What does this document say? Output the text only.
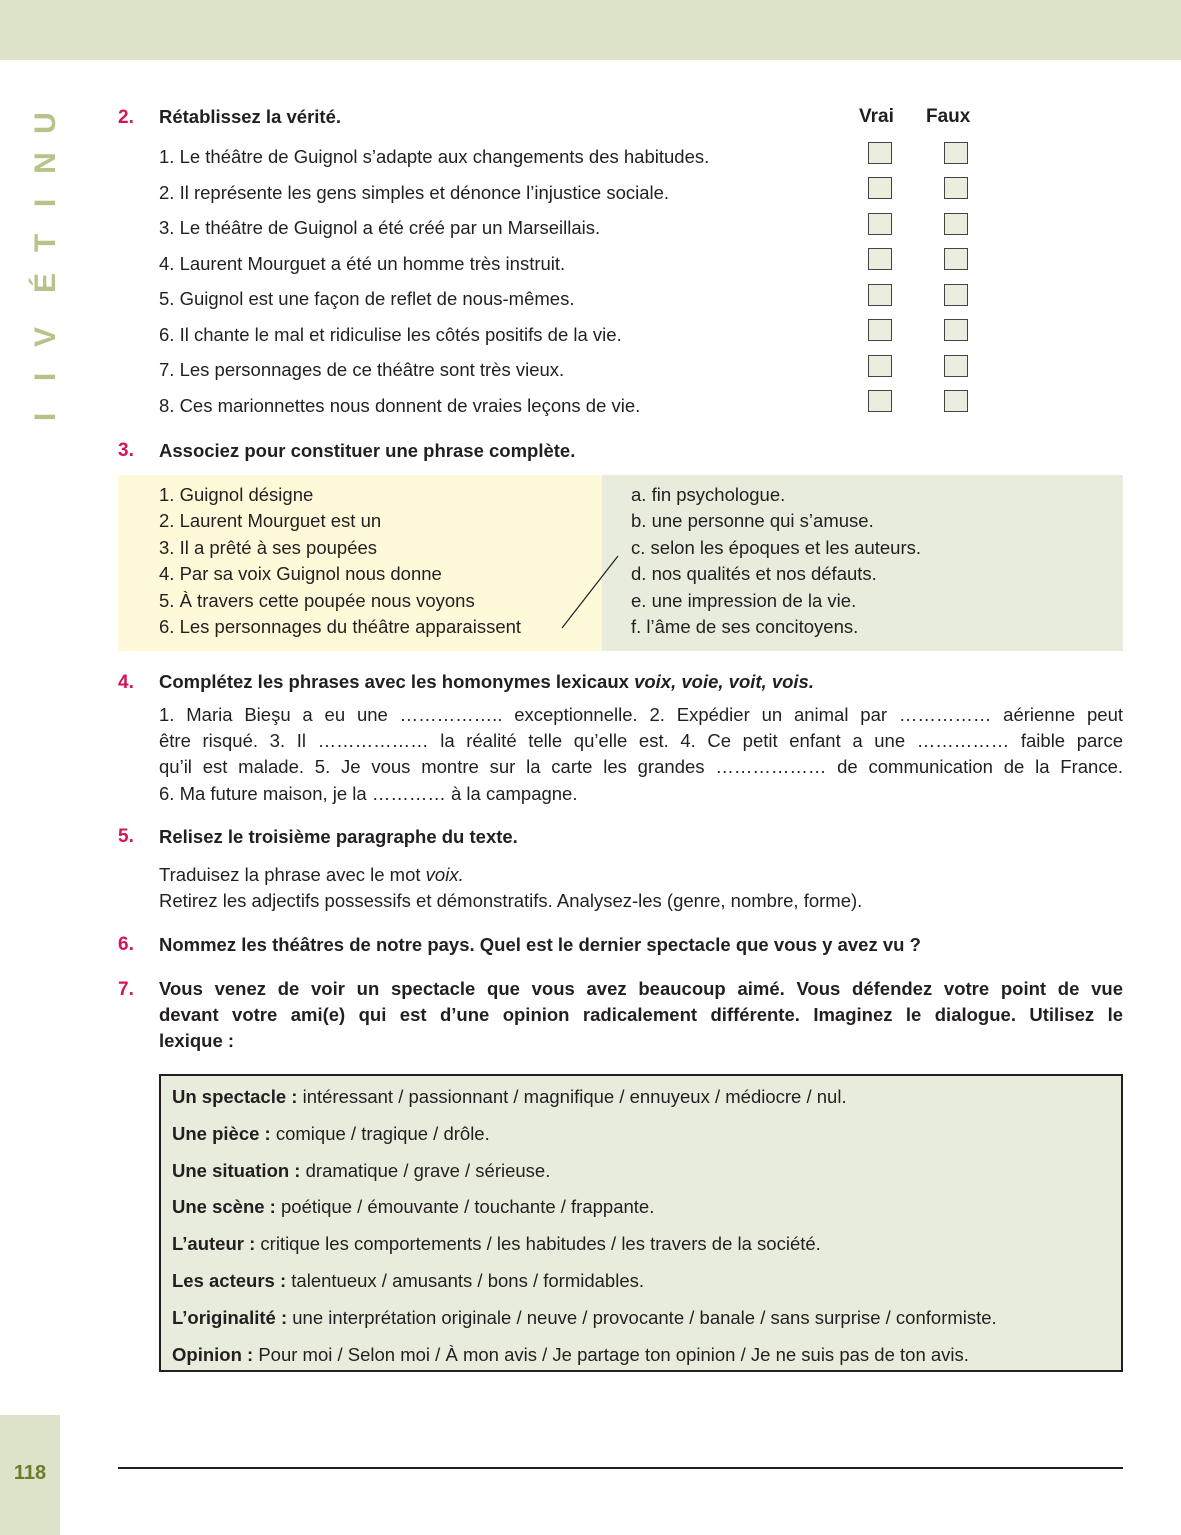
U
N
I
T
É
V
I
I
2. Rétablissez la vérité.	Vrai Faux
1. Le théâtre de Guignol s’adapte aux changements des habitudes.
2. Il représente les gens simples et dénonce l’injustice sociale.
3. Le théâtre de Guignol a été créé par un Marseillais.
4. Laurent Mourguet a été un homme très instruit.
5. Guignol est une façon de reflet de nous-mêmes.
6. Il chante le mal et ridiculise les côtés positifs de la vie.
7. Les personnages de ce théâtre sont très vieux.
8. Ces marionnettes nous donnent de vraies leçons de vie.
3. Associez pour constituer une phrase complète.
1. Guignol désigne
2. Laurent Mourguet est un
3. Il a prêté à ses poupées
4. Par sa voix Guignol nous donne
5. À travers cette poupée nous voyons
6. Les personnages du théâtre apparaissent
a. fin psychologue.
b. une personne qui s’amuse.
c. selon les époques et les auteurs.
d. nos qualités et nos défauts.
e. une impression de la vie.
f. l’âme de ses concitoyens.
4. Complétez les phrases avec les homonymes lexicaux voix, voie, voit, vois.
1. Maria Bieşu a eu une …………….. exceptionnelle. 2. Expédier un animal par …………… aérienne peut
être risqué. 3. Il ……………… la réalité telle qu’elle est. 4. Ce petit enfant a une …………… faible parce
qu’il est malade. 5. Je vous montre sur la carte les grandes ……………… de communication de la France.
6. Ma future maison, je la ………… à la campagne.
5. Relisez le troisième paragraphe du texte.
Traduisez la phrase avec le mot voix.
Retirez les adjectifs possessifs et démonstratifs. Analysez-les (genre, nombre, forme).
6. Nommez les théâtres de notre pays. Quel est le dernier spectacle que vous y avez vu ?
7. Vous venez de voir un spectacle que vous avez beaucoup aimé. Vous défendez votre point de vue
devant votre ami(e) qui est d’une opinion radicalement différente. Imaginez le dialogue. Utilisez le
lexique :
Un spectacle : intéressant / passionnant / magnifique / ennuyeux / médiocre / nul.
Une pièce : comique / tragique / drôle.
Une situation : dramatique / grave / sérieuse.
Une scène : poétique / émouvante / touchante / frappante.
L’auteur : critique les comportements / les habitudes / les travers de la société.
Les acteurs : talentueux / amusants / bons / formidables.
L’originalité : une interprétation originale / neuve / provocante / banale / sans surprise / conformiste.
Opinion : Pour moi / Selon moi / À mon avis / Je partage ton opinion / Je ne suis pas de ton avis.
118
